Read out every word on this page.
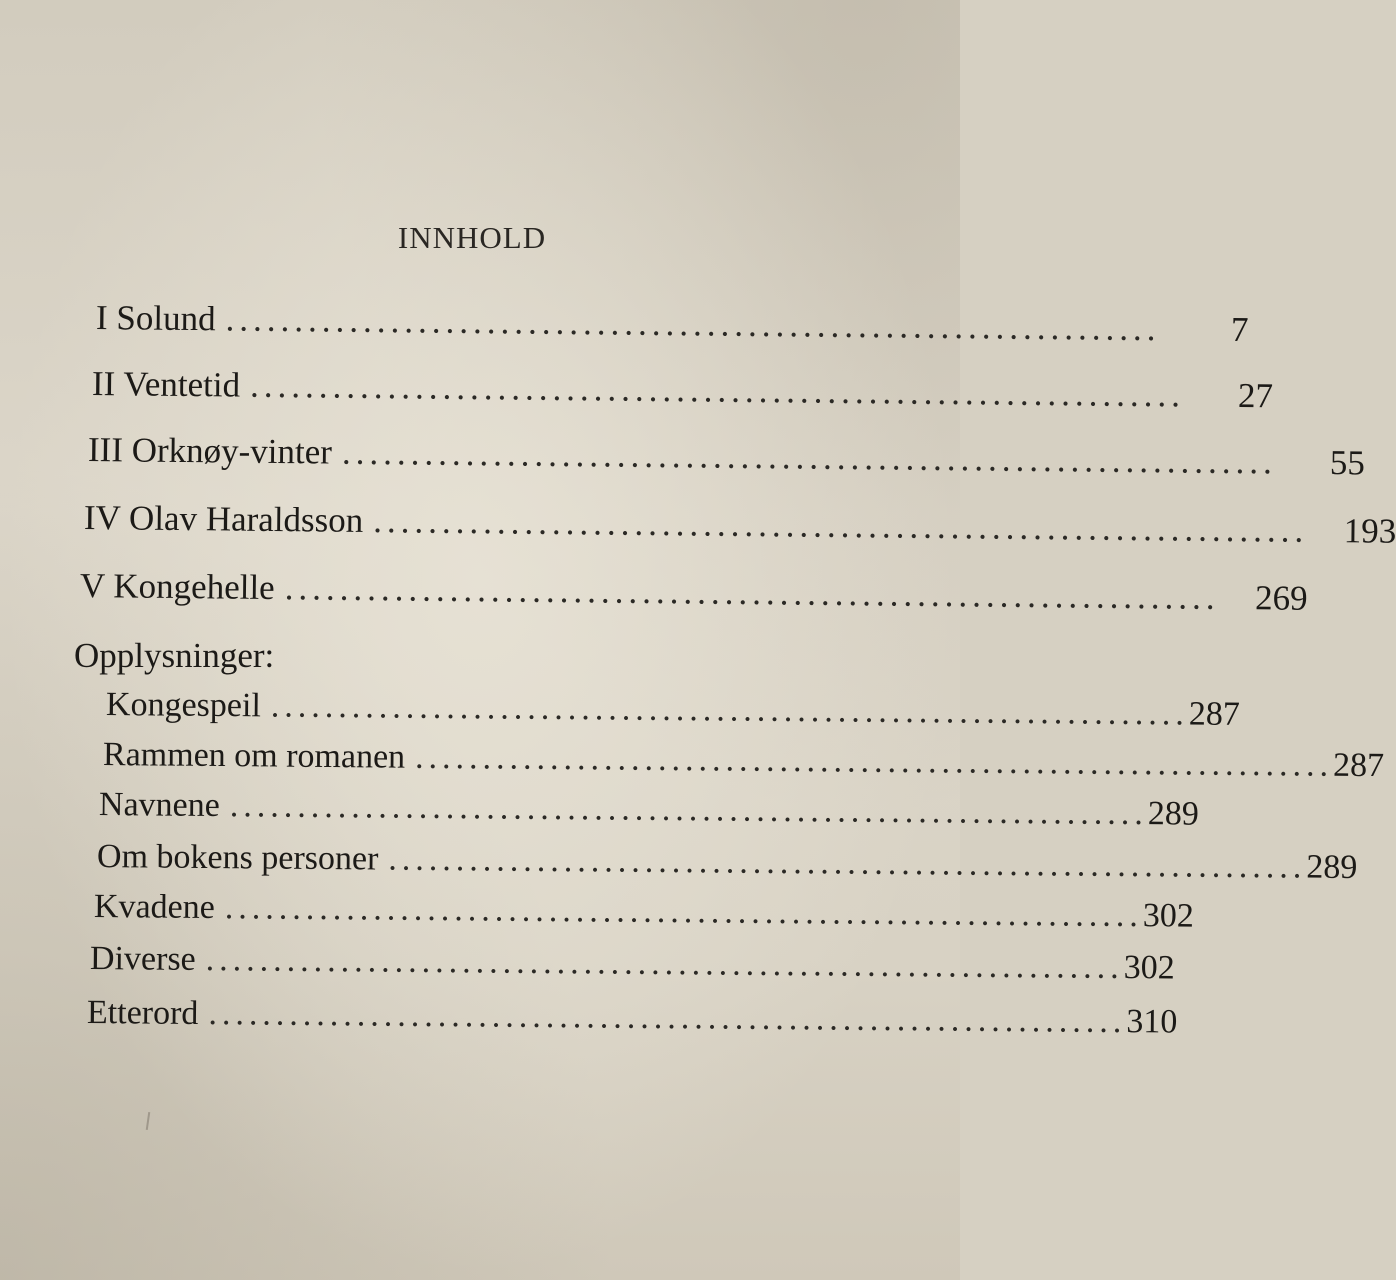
INNHOLD
I Solund ....................................................................	7
II Ventetid ....................................................................	27
III Orknøy-vinter ....................................................................	55
IV Olav Haraldsson ....................................................................	193
V Kongehelle ....................................................................	269
Opplysninger:
Kongespeil .................................................................... 287
Rammen om romanen .................................................................... 287
Navnene .................................................................... 289
Om bokens personer .................................................................... 289
Kvadene .................................................................... 302
Diverse .................................................................... 302
Etterord .................................................................... 310
